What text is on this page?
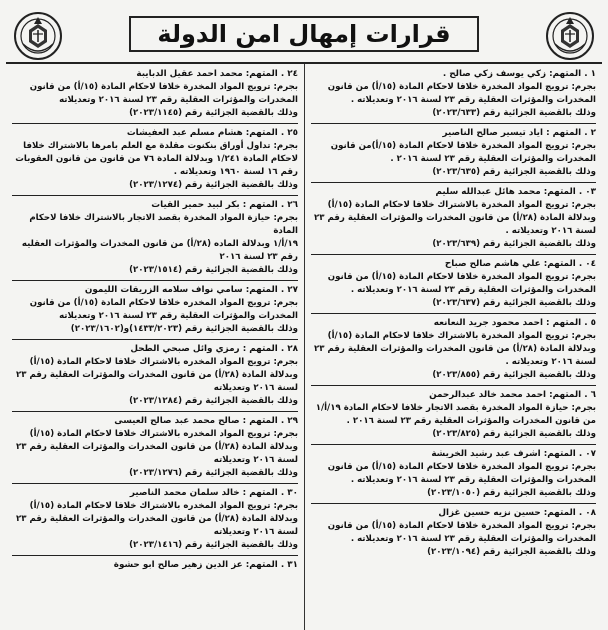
قرارات إمهال امن الدولة

١ . المتهم: زكي يوسف زكي صالح .

بجرم: ترويج المواد المخدرة خلافا لاحكام المادة (١٥/أ) من قانون

المخدرات والمؤثرات العقلية رقم ٢٣ لسنة ٢٠١٦ وتعديلاته .

وذلك بالقضية الجزائية رقم (٢٠٢٣/٦٣٣)

٢ . المتهم : اياد تيسير صالح الناصير

بجرم: ترويج المواد المخدرة خلافا لاحكام المادة (١٥/أ)من قانون

المخدرات والمؤثرات العقلية رقم ٢٣ لسنة ٢٠١٦ .

وذلك بالقضية الجزائية رقم (٢٠٢٣/٦٣٥)

٠٣ . المتهم: محمد هائل عبدالله سليم

بجرم: ترويج المواد المخدرة بالاشتراك خلافا لاحكام المادة (١٥/أ)

وبدلالة المادة (٢٨/أ) من قانون المخدرات والمؤثرات العقلية رقم ٢٣

لسنة ٢٠١٦ وتعديلاته .

وذلك بالقضية الجزائية رقم (٢٠٢٣/٦٣٩)

٠٤ . المتهم: علي هاشم صالح صباح

بجرم: ترويج المواد المخدرة خلافا لاحكام المادة (١٥/أ) من قانون

المخدرات والمؤثرات العقلية رقم ٢٣ لسنة ٢٠١٦ وتعديلاته .

وذلك بالقضية الجزائية رقم (٢٠٢٣/٦٣٧)

٥ . المتهم : احمد محمود جريد النعانعه

بجرم: ترويج المواد المخدرة بالاشتراك خلافا لاحكام المادة (١٥/أ)

وبدلالة المادة (٢٨/أ) من قانون المخدرات والمؤثرات العقلية رقم ٢٣

لسنة ٢٠١٦ وتعديلاته .

وذلك بالقضية الجزائية رقم (٢٠٢٣/٨٥٥)

٦ . المتهم: احمد محمد خالد عبدالرحمن

بجرم: حيازة المواد المخدرة بقصد الاتجار خلافا لاحكام المادة ١٩/أ/١

من قانون المخدرات والمؤثرات العقلية رقم ٢٣ لسنة ٢٠١٦ .

وذلك بالقضية الجزائية رقم (٢٠٢٣/٨٢٥)

٠٧ . المتهم: اشرف عبد رشيد الخريشة

بجرم: ترويج المواد المخدرة خلافا لاحكام المادة (١٥/أ) من قانون

المخدرات والمؤثرات العقلية رقم ٢٣ لسنة ٢٠١٦ وتعديلاته .

وذلك بالقضية الجزائية رقم (٢٠٢٣/١٠٥٠)

٠٨ . المتهم: حسين نزيه حسين غزال

بجرم: ترويج المواد المخدرة خلافا لاحكام المادة (١٥/أ) من قانون

المخدرات والمؤثرات العقلية رقم ٢٣ لسنة ٢٠١٦ وتعديلاته .

وذلك بالقضية الجزائية رقم (٢٠٢٣/١٠٩٤)

٢٤ . المتهم: محمد احمد عقيل الدبايبة

بجرم: ترويج المواد المخدرة خلافا لاحكام المادة (١٥/أ) من قانون

المخدرات والمؤثرات العقلية رقم ٢٣ لسنة ٢٠١٦ وتعديلاته

وذلك بالقضية الجزائية رقم (٢٠٢٣/١١٤٥)

٢٥ . المتهم: هشام مسلم عبد العفيشات

بجرم: تداول أوراق بنكنوت مقلدة مع العلم بامرها بالاشتراك خلافا

لاحكام المادة ١/٢٤١ وبدلالة المادة ٧٦ من قانون من قانون العقوبات

رقم ١٦ لسنة ١٩٦٠ وتعديلاته .

وذلك بالقضية الجزائية رقم (٢٠٢٣/١٢٧٤)

٢٦ . المتهم : بكر لبيد حمير القيات

بجرم: حيازة المواد المخدرة بقصد الاتجار بالاشتراك خلافا لاحكام المادة

١٩/أ/١ وبدلالة الماده (٢٨/أ) من قانون المخدرات والمؤثرات العقليه

رقم ٢٣ لسنة ٢٠١٦

وذلك بالقضية الجزائية رقم (٢٠٢٣/١٥١٤)

٢٧ . المتهم: سامي نواف سلامه الزريقات الليمون

بجرم: ترويج المواد المخدره خلافا لاحكام المادة (١٥/أ) من قانون

المخدرات والمؤثرات العقلية رقم ٢٣ لسنة ٢٠١٦ وتعديلاته

وذلك بالقضية الجزائية رقم (١٤٣٣/٢٠٢٣)و(٢٠٢٣/١٦٠٢)

٢٨ . المتهم : رمزي وائل صبحي الطحل

بجرم: ترويج المواد المخدره بالاشتراك خلافا لاحكام المادة (١٥/أ)

وبدلالة المادة (٢٨/أ) من قانون المخدرات والمؤثرات العقلية رقم ٢٣

لسنة ٢٠١٦ وتعديلاته

وذلك بالقضية الجزائية رقم (٢٠٢٣/١٢٨٤)

٢٩ . المتهم : صالح محمد عبد صالح العيسى

بجرم: ترويج المواد المخدره بالاشتراك خلافا لاحكام المادة (١٥/أ)

وبدلالة المادة (٢٨/أ) من قانون المخدرات والمؤثرات العقلية رقم ٢٣

لسنة ٢٠١٦ وتعديلاته

وذلك بالقضية الجزائية رقم (٢٠٢٣/١٢٧٦)

٣٠ . المتهم : خالد سلمان محمد الناصير

بجرم: ترويج المواد المخدره بالاشتراك خلافا لاحكام المادة (١٥/أ)

وبدلالة المادة (٢٨/أ) من قانون المخدرات والمؤثرات العقلية رقم ٢٣

لسنة ٢٠١٦ وتعديلاته

وذلك بالقضية الجزائية رقم (٢٠٢٣/١٤١٦)

٣١ . المتهم: عز الدين زهير صالح ابو حشوة
